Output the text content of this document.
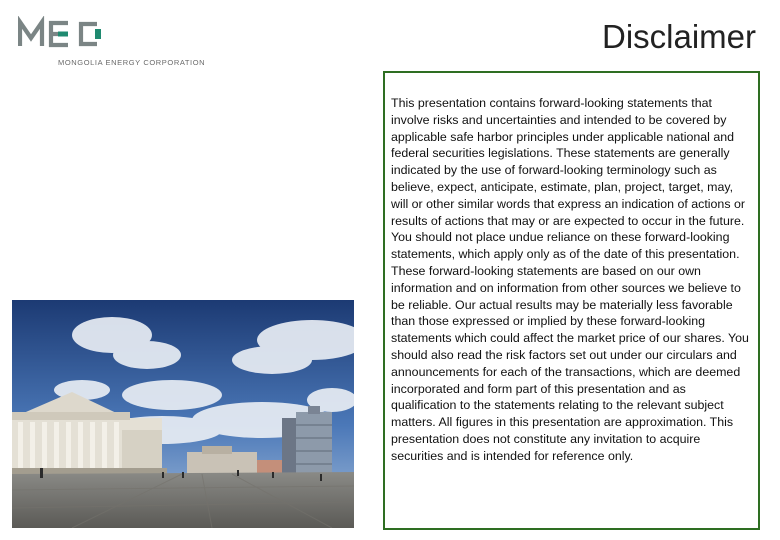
MONGOLIA ENERGY CORPORATION
Disclaimer

This presentation contains forward-looking statements that involve risks and uncertainties and intended to be covered by applicable safe harbor principles under applicable national and federal securities legislations. These statements are generally indicated by the use of forward-looking terminology such as believe, expect, anticipate, estimate, plan, project, target, may, will or other similar words that express an indication of actions or results of actions that may or are expected to occur in the future. You should not place undue reliance on these forward-looking statements, which apply only as of the date of this presentation. These forward-looking statements are based on our own information and on information from other sources we believe to be reliable. Our actual results may be materially less favorable than those expressed or implied by these forward-looking statements which could affect the market price of our shares. You should also read the risk factors set out under our circulars and announcements for each of the transactions, which are deemed incorporated and form part of this presentation and as qualification to the statements relating to the relevant subject matters. All figures in this presentation are approximation. This presentation does not constitute any invitation to acquire securities and is intended for reference only.
